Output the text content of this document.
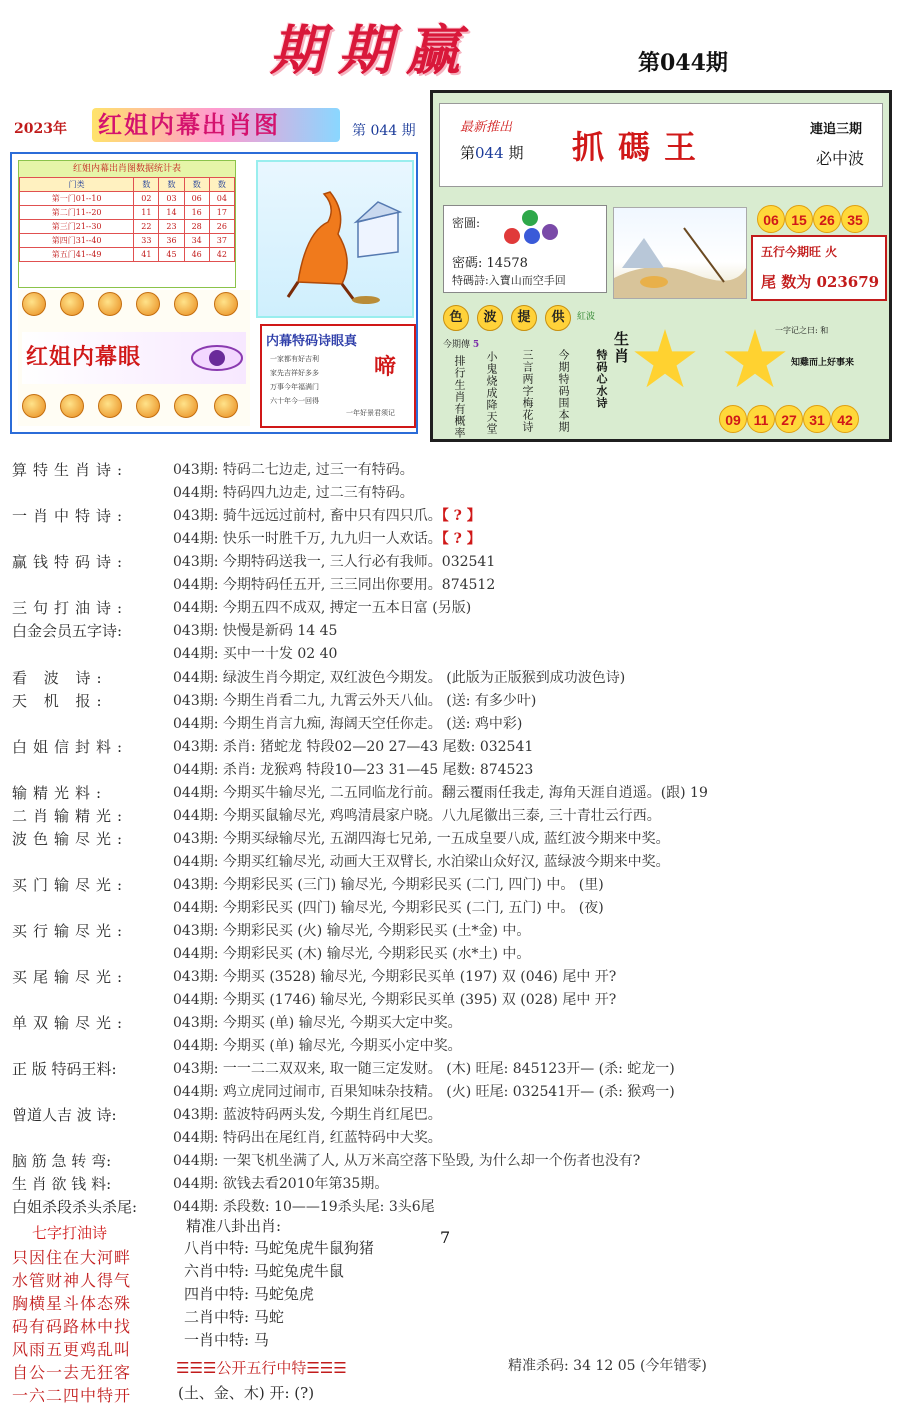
期期赢	第044期
2023年 红姐内幕出肖图	第 044 期
红姐内幕出肖图数据统计表
门类	数	数	数	数
第一门01--10	02	03	06	04
第二门11--20	11	14	16	17
第三门21--30	22	23	28	26
第四门31--40	33	36	34	37
第五门41--49	41	45	46	42
红姐内幕眼
内幕特码诗眼真
啼
一家都有好吉利
家先吉祥好多多
万事今年福满门
六十年今一回得
一年好景君须记
最新推出
第044 期 抓碼王	連追三期
必中波
密圖:
密碼: 14578
特碼詩:入寶山而空手回
06 15 26 35
五行今期旺 火
尾 数为 023679
色 波 提 供 紅波
今期傳 5
排行生肖有概率 小鬼烧成降天堂 三言两字梅花诗 今期特码围本期 特码心水诗
生肖
一字记之曰: 和
知雞而上好事来
09 11 27 31 42
算特生肖诗:	043期: 特码二七边走, 过三一有特码。
044期: 特码四九边走, 过二三有特码。
一肖中特诗:	043期: 骑牛远远过前村, 畜中只有四只爪。【 ? 】
044期: 快乐一时胜千万, 九九归一人欢话。【 ? 】
赢钱特码诗:	043期: 今期特码送我一, 三人行必有我师。032541
044期: 今期特码任五开, 三三同出你要用。874512
三句打油诗:	044期: 今期五四不成双, 搏定一五本日富 (另版)
白金会员五字诗:	043期: 快慢是新码 14 45
044期: 买中一十发 02 40
看 波 诗:	044期: 绿波生肖今期定, 双红波色今期发。 (此版为正版猴到成功波色诗)
天 机 报:	043期: 今期生肖看二九, 九霄云外天八仙。 (送: 有多少叶)
044期: 今期生肖言九痴, 海阔天空任你走。 (送: 鸡中彩)
白姐信封料:	043期: 杀肖: 猪蛇龙 特段02—20 27—43 尾数: 032541
044期: 杀肖: 龙猴鸡 特段10—23 31—45 尾数: 874523
输精光料:	044期: 今期买牛输尽光, 二五同临龙行前。翻云覆雨任我走, 海角天涯自逍遥。(跟) 19
二肖输精光:	044期: 今期买鼠输尽光, 鸡鸣清晨家户晓。八九尾徽出三泰, 三十青壮云行西。
波色输尽光:	043期: 今期买绿输尽光, 五湖四海七兄弟, 一五成皇要八成, 蓝红波今期来中奖。
044期: 今期买红输尽光, 动画大王双臂长, 水泊梁山众好汉, 蓝绿波今期来中奖。
买门输尽光:	043期: 今期彩民买 (三门) 输尽光, 今期彩民买 (二门, 四门) 中。 (里)
044期: 今期彩民买 (四门) 输尽光, 今期彩民买 (二门, 五门) 中。 (夜)
买行输尽光:	043期: 今期彩民买 (火) 输尽光, 今期彩民买 (土*金) 中。
044期: 今期彩民买 (木) 输尽光, 今期彩民买 (水*土) 中。
买尾输尽光:	043期: 今期买 (3528) 输尽光, 今期彩民买单 (197) 双 (046) 尾中 开?
044期: 今期买 (1746) 输尽光, 今期彩民买单 (395) 双 (028) 尾中 开?
单双输尽光:	043期: 今期买 (单) 输尽光, 今期买大定中奖。
044期: 今期买 (单) 输尽光, 今期买小定中奖。
正 版 特码王料:	043期: 一一二二双双来, 取一随三定发财。 (木) 旺尾: 845123开— (杀: 蛇龙一)
044期: 鸡立虎同过闹市, 百果知味杂技精。 (火) 旺尾: 032541开— (杀: 猴鸡一)
曾道人吉 波 诗:	043期: 蓝波特码两头发, 今期生肖红尾巴。
044期: 特码出在尾红肖, 红蓝特码中大奖。
脑 筋 急 转 弯:	044期: 一架飞机坐满了人, 从万米高空落下坠毁, 为什么却一个伤者也没有?
生 肖 欲 钱 料:	044期: 欲钱去看2010年第35期。
白姐杀段杀头杀尾:	044期: 杀段数: 10——19杀头尾: 3头6尾
七字打油诗
只因住在大河畔
水管财神人得气
胸横星斗体态殊
码有码路林中找
风雨五更鸡乱叫
自公一去无狂客
一六二四中特开
精准八卦出肖:
八肖中特: 马蛇兔虎牛鼠狗猪
六肖中特: 马蛇兔虎牛鼠
四肖中特: 马蛇兔虎
二肖中特: 马蛇
一肖中特: 马
7
☰☰☰公开五行中特☰☰☰
(土、金、木) 开: (?)
精准杀码: 34 12 05 (今年错零)
